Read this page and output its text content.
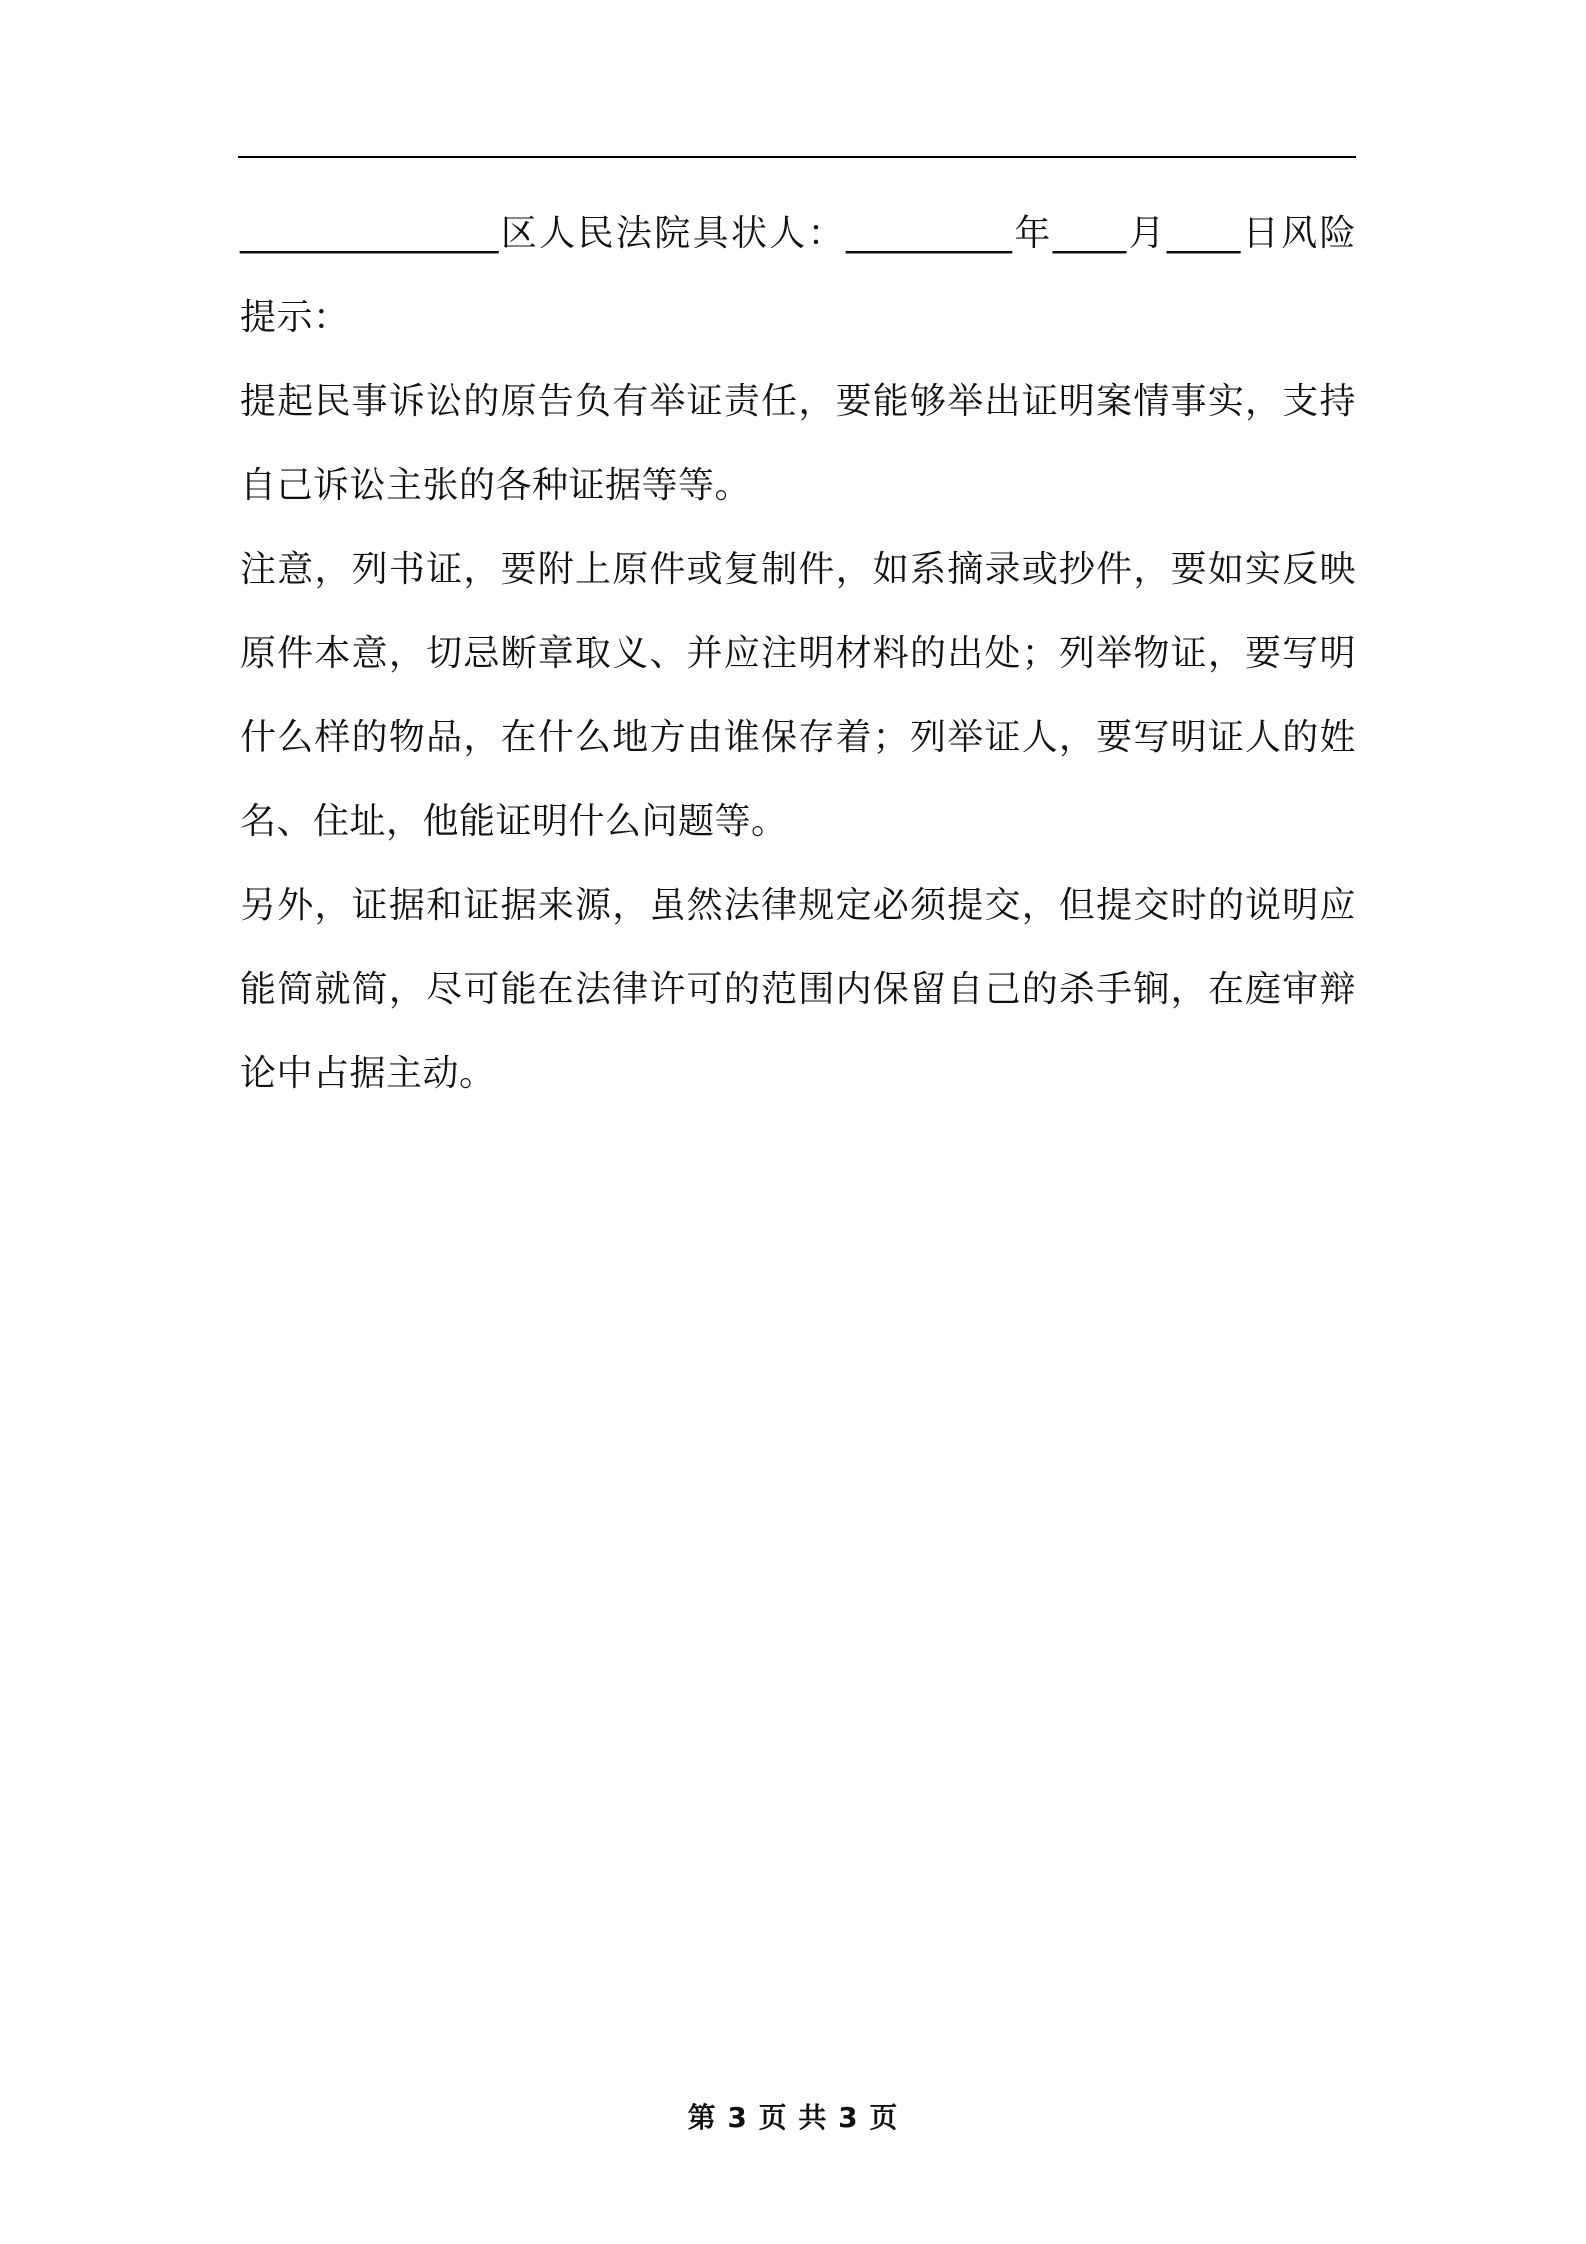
______________区人民法院具状人：_________年____月____日风险提示：

提起民事诉讼的原告负有举证责任，要能够举出证明案情事实，支持自己诉讼主张的各种证据等等。

注意，列书证，要附上原件或复制件，如系摘录或抄件，要如实反映原件本意，切忌断章取义、并应注明材料的出处；列举物证，要写明什么样的物品，在什么地方由谁保存着；列举证人，要写明证人的姓名、住址，他能证明什么问题等。

另外，证据和证据来源，虽然法律规定必须提交，但提交时的说明应能简就简，尽可能在法律许可的范围内保留自己的杀手锏，在庭审辩论中占据主动。

第 3 页 共 3 页
